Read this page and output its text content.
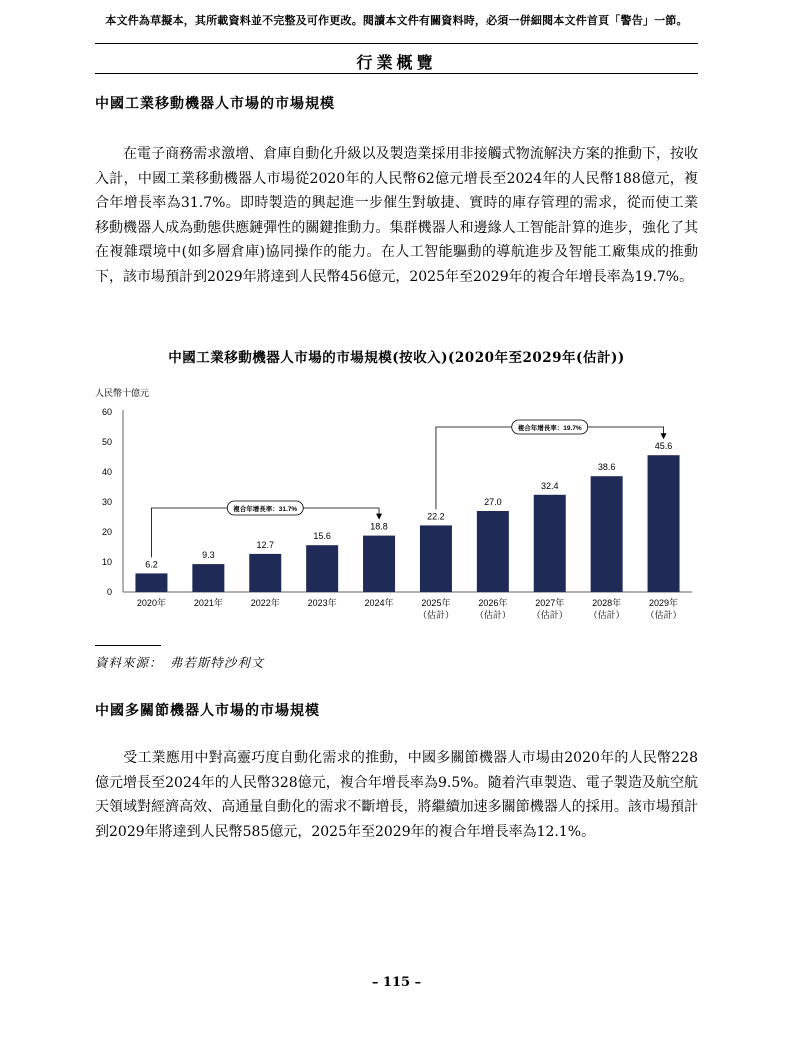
本文件為草擬本，其所載資料並不完整及可作更改。閱讀本文件有關資料時，必須一併細閱本文件首頁「警告」一節。
行業概覽
中國工業移動機器人市場的市場規模
在電子商務需求激增、倉庫自動化升級以及製造業採用非接觸式物流解決方案的推動下，按收入計，中國工業移動機器人市場從2020年的人民幣62億元增長至2024年的人民幣188億元，複合年增長率為31.7%。即時製造的興起進一步催生對敏捷、實時的庫存管理的需求，從而使工業移動機器人成為動態供應鏈彈性的關鍵推動力。集群機器人和邊緣人工智能計算的進步，強化了其在複雜環境中(如多層倉庫)協同操作的能力。在人工智能驅動的導航進步及智能工廠集成的推動下，該市場預計到2029年將達到人民幣456億元，2025年至2029年的複合年增長率為19.7%。
中國工業移動機器人市場的市場規模(按收入)(2020年至2029年(估計))
人民幣十億元
0
10
20
30
40
50
60
6.2
2020年
9.3
2021年
12.7
2022年
15.6
2023年
18.8
2024年
22.2
2025年
（估計）
27.0
2026年
（估計）
32.4
2027年
（估計）
38.6
2028年
（估計）
45.6
2029年
（估計）
複合年增長率：31.7%
複合年增長率：19.7%
資料來源：　弗若斯特沙利文
中國多關節機器人市場的市場規模
受工業應用中對高靈巧度自動化需求的推動，中國多關節機器人市場由2020年的人民幣228億元增長至2024年的人民幣328億元，複合年增長率為9.5%。隨着汽車製造、電子製造及航空航天領域對經濟高效、高通量自動化的需求不斷增長，將繼續加速多關節機器人的採用。該市場預計到2029年將達到人民幣585億元，2025年至2029年的複合年增長率為12.1%。
– 115 –
